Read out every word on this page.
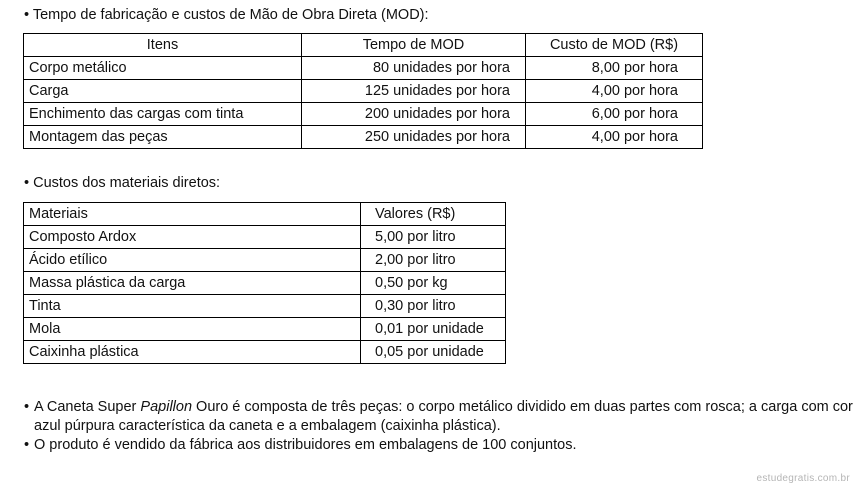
• Tempo de fabricação e custos de Mão de Obra Direta (MOD):
Itens	Tempo de MOD	Custo de MOD (R$)
Corpo metálico	80 unidades por hora	8,00 por hora
Carga	125 unidades por hora	4,00 por hora
Enchimento das cargas com tinta	200 unidades por hora	6,00 por hora
Montagem das peças	250 unidades por hora	4,00 por hora
• Custos dos materiais diretos:
Materiais	Valores (R$)
Composto Ardox	5,00 por litro
Ácido etílico	2,00 por litro
Massa plástica da carga	0,50 por kg
Tinta	0,30 por litro
Mola	0,01 por unidade
Caixinha plástica	0,05 por unidade
• A Caneta Super Papillon Ouro é composta de três peças: o corpo metálico dividido em duas partes com rosca; a carga com cor azul púrpura característica da caneta e a embalagem (caixinha plástica).
• O produto é vendido da fábrica aos distribuidores em embalagens de 100 conjuntos.
estudegratis.com.br
